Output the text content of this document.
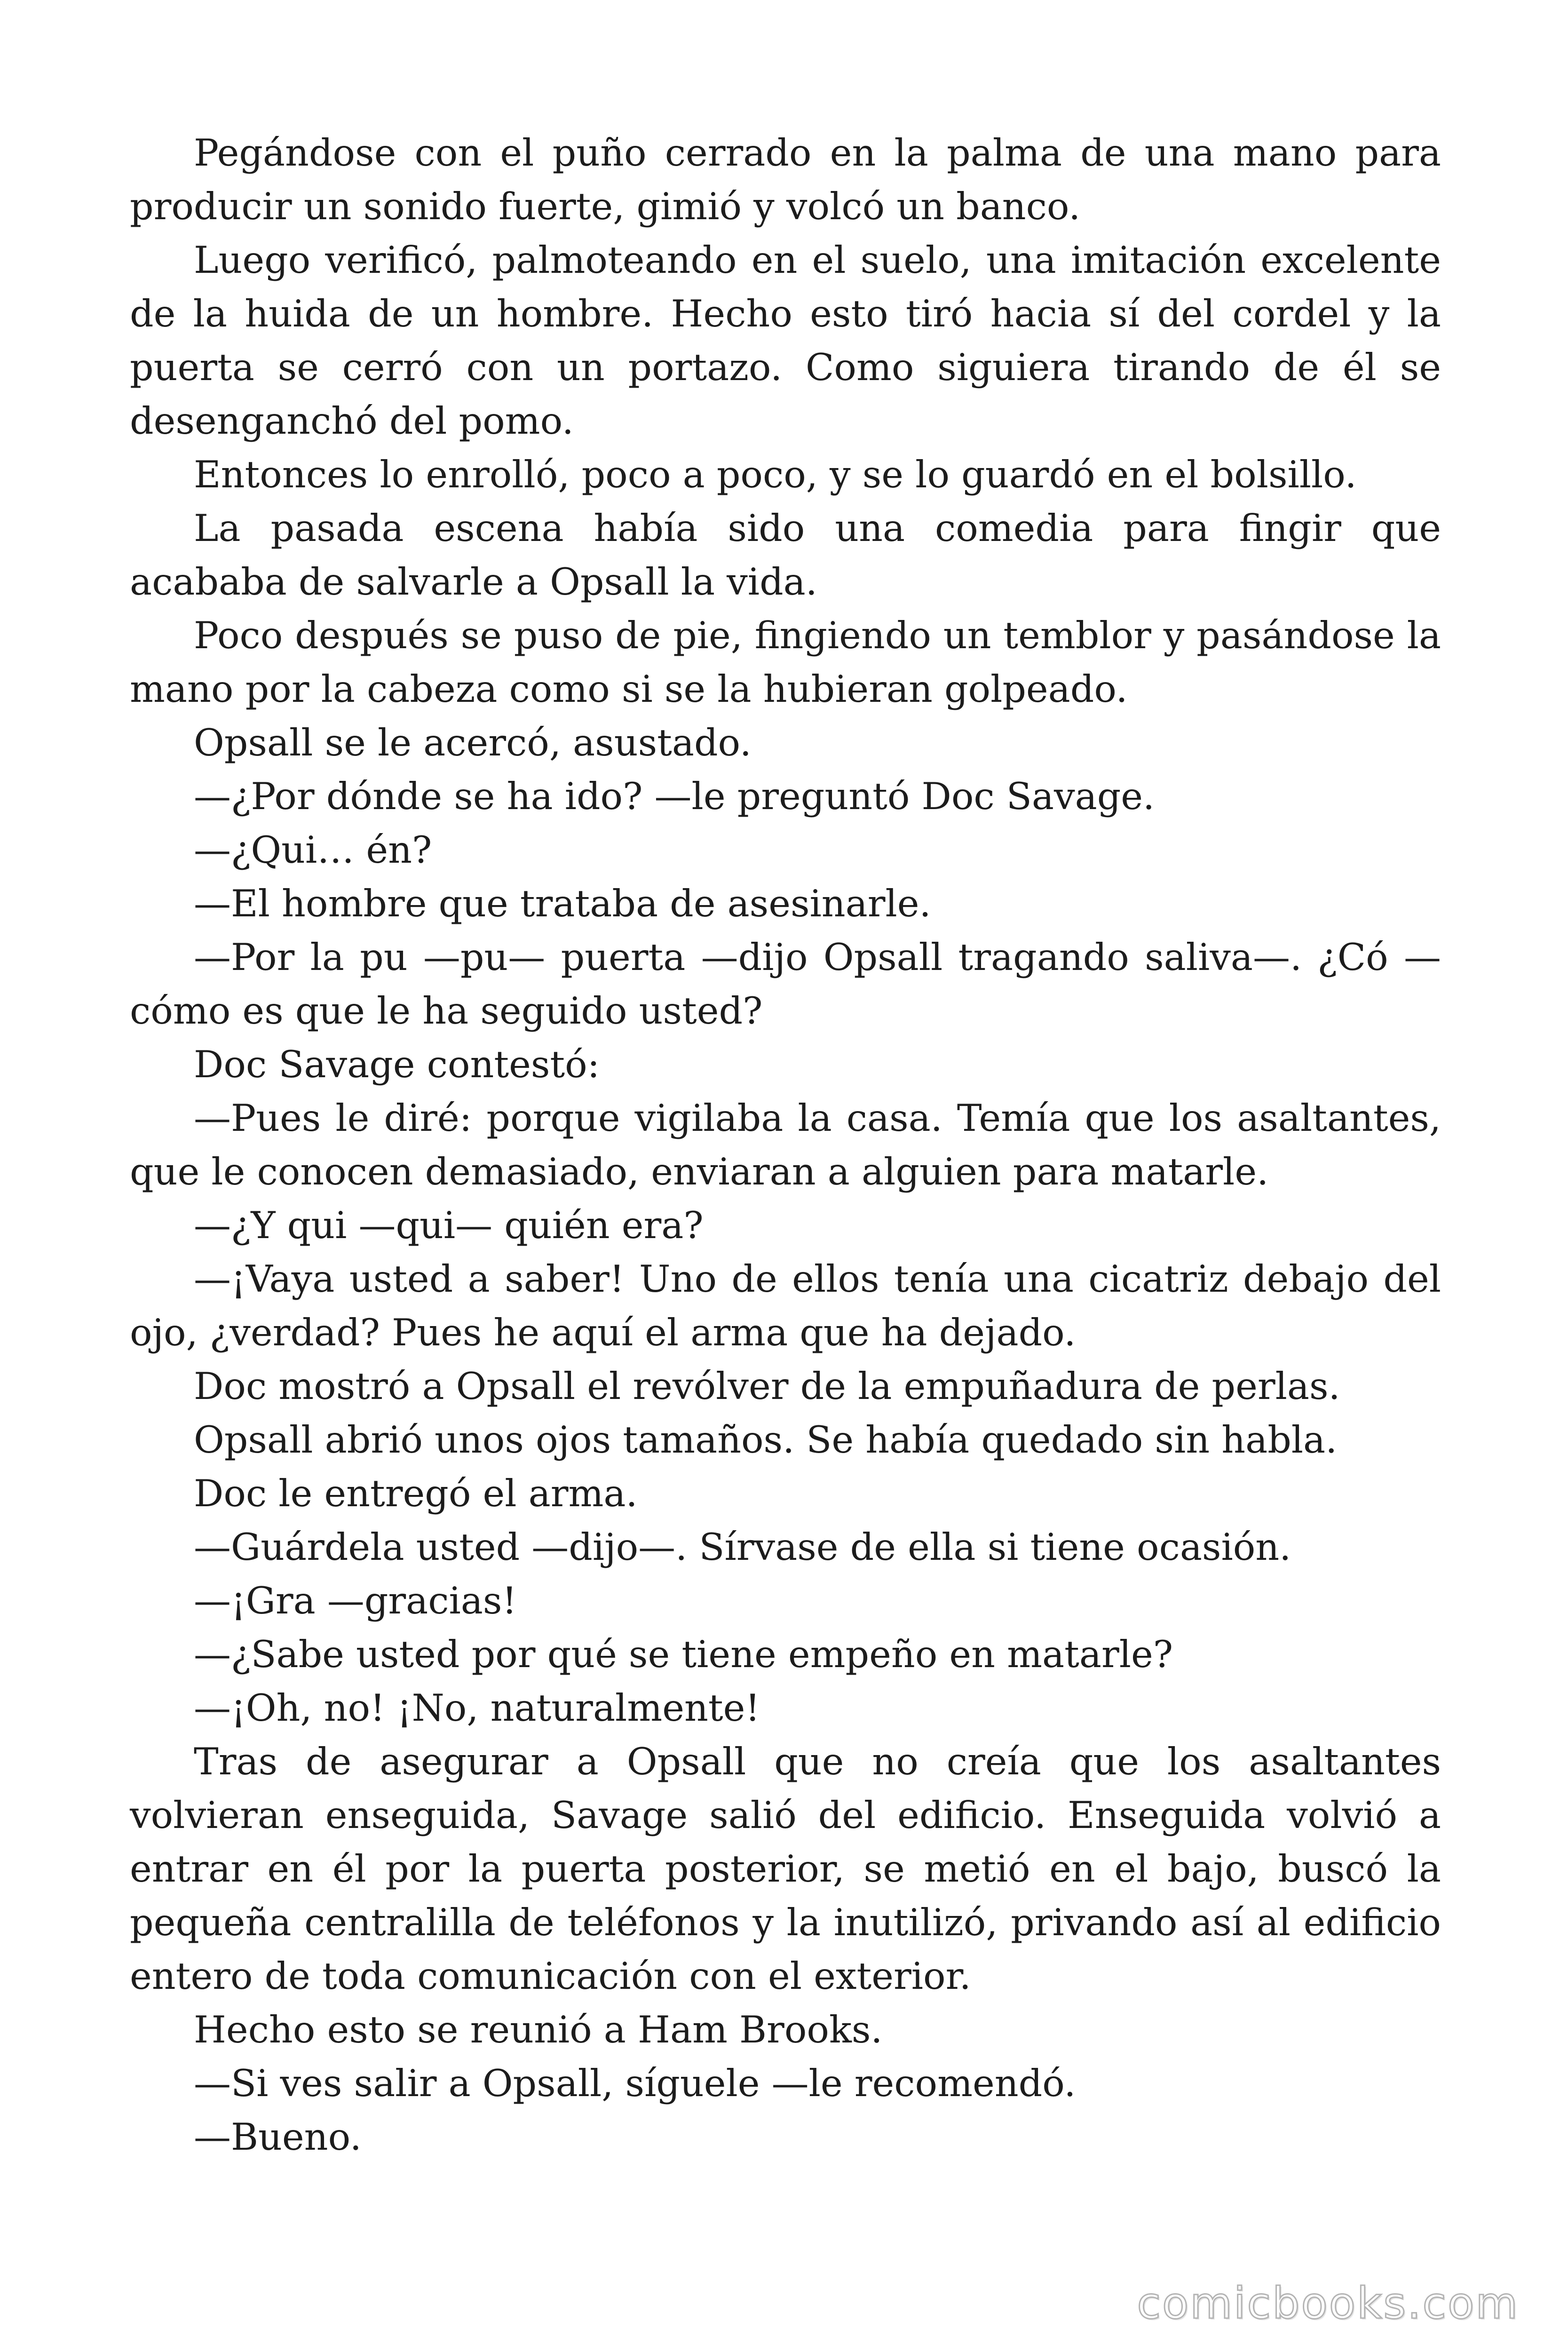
Pegándose con el puño cerrado en la palma de una mano para producir un sonido fuerte, gimió y volcó un banco.

Luego verificó, palmoteando en el suelo, una imitación excelente de la huida de un hombre. Hecho esto tiró hacia sí del cordel y la puerta se cerró con un portazo. Como siguiera tirando de él se desenganchó del pomo.

Entonces lo enrolló, poco a poco, y se lo guardó en el bolsillo.

La pasada escena había sido una comedia para fingir que acababa de salvarle a Opsall la vida.

Poco después se puso de pie, fingiendo un temblor y pasándose la mano por la cabeza como si se la hubieran golpeado.

Opsall se le acercó, asustado.

—¿Por dónde se ha ido? —le preguntó Doc Savage.

—¿Qui… én?

—El hombre que trataba de asesinarle.

—Por la pu —pu— puerta —dijo Opsall tragando saliva—. ¿Có —cómo es que le ha seguido usted?

Doc Savage contestó:

—Pues le diré: porque vigilaba la casa. Temía que los asaltantes, que le conocen demasiado, enviaran a alguien para matarle.

—¿Y qui —qui— quién era?

—¡Vaya usted a saber! Uno de ellos tenía una cicatriz debajo del ojo, ¿verdad? Pues he aquí el arma que ha dejado.

Doc mostró a Opsall el revólver de la empuñadura de perlas.

Opsall abrió unos ojos tamaños. Se había quedado sin habla.

Doc le entregó el arma.

—Guárdela usted —dijo—. Sírvase de ella si tiene ocasión.

—¡Gra —gracias!

—¿Sabe usted por qué se tiene empeño en matarle?

—¡Oh, no! ¡No, naturalmente!

Tras de asegurar a Opsall que no creía que los asaltantes volvieran enseguida, Savage salió del edificio. Enseguida volvió a entrar en él por la puerta posterior, se metió en el bajo, buscó la pequeña centralilla de teléfonos y la inutilizó, privando así al edificio entero de toda comunicación con el exterior.

Hecho esto se reunió a Ham Brooks.

—Si ves salir a Opsall, síguele —le recomendó.

—Bueno.

comicbooks.com
